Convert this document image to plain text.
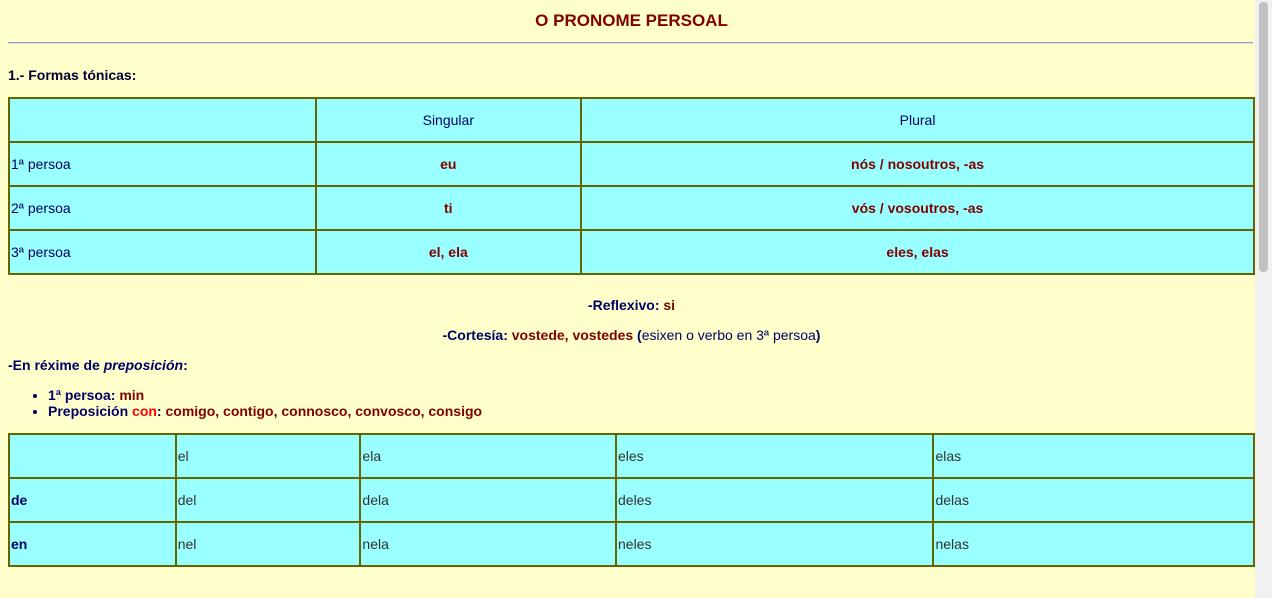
O PRONOME PERSOAL
1.- Formas tónicas:
	Singular	Plural
1ª persoa	eu	nós / nosoutros, -as
2ª persoa	ti	vós / vosoutros, -as
3ª persoa	el, ela	eles, elas
-Reflexivo: si
-Cortesía: vostede, vostedes (esixen o verbo en 3ª persoa)
-En réxime de preposición:
• 1ª persoa: min
• Preposición con: comigo, contigo, connosco, convosco, consigo
	el	ela	eles	elas
de	del	dela	deles	delas
en	nel	nela	neles	nelas
